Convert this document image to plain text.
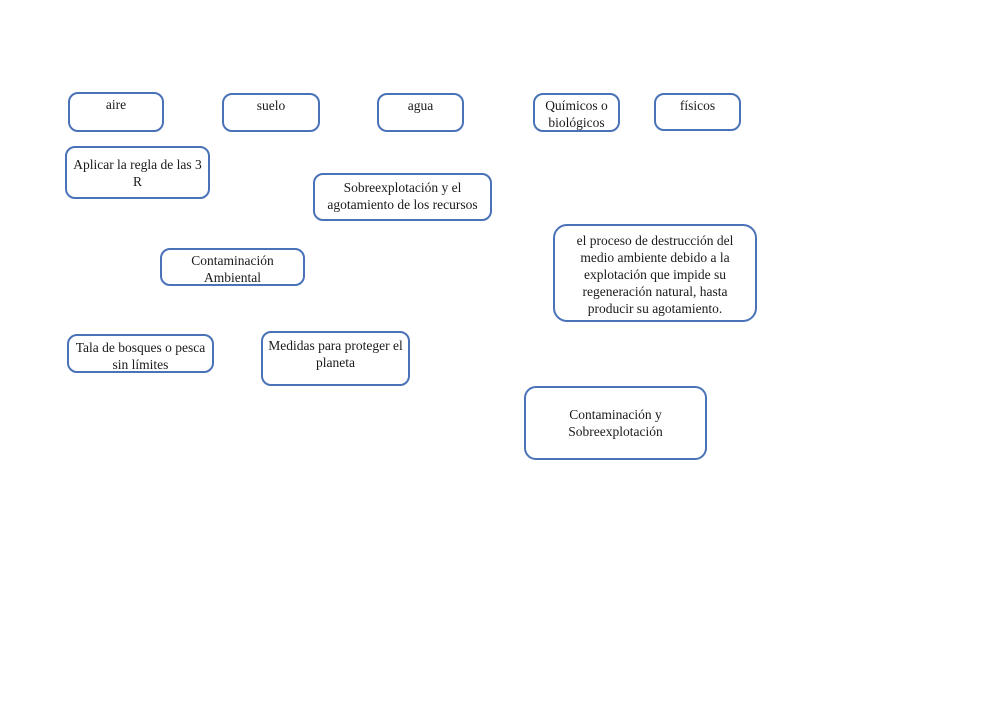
aire	suelo	agua	Químicos o biológicos
físicos
Aplicar la regla de las 3 R	Sobreexplotación y el agotamiento de los recursos
el proceso de destrucción del medio ambiente debido a la explotación que impide su regeneración natural, hasta producir su agotamiento.
Contaminación Ambiental
Tala de bosques o pesca sin límites
Medidas para proteger el planeta
Contaminación y Sobreexplotación
